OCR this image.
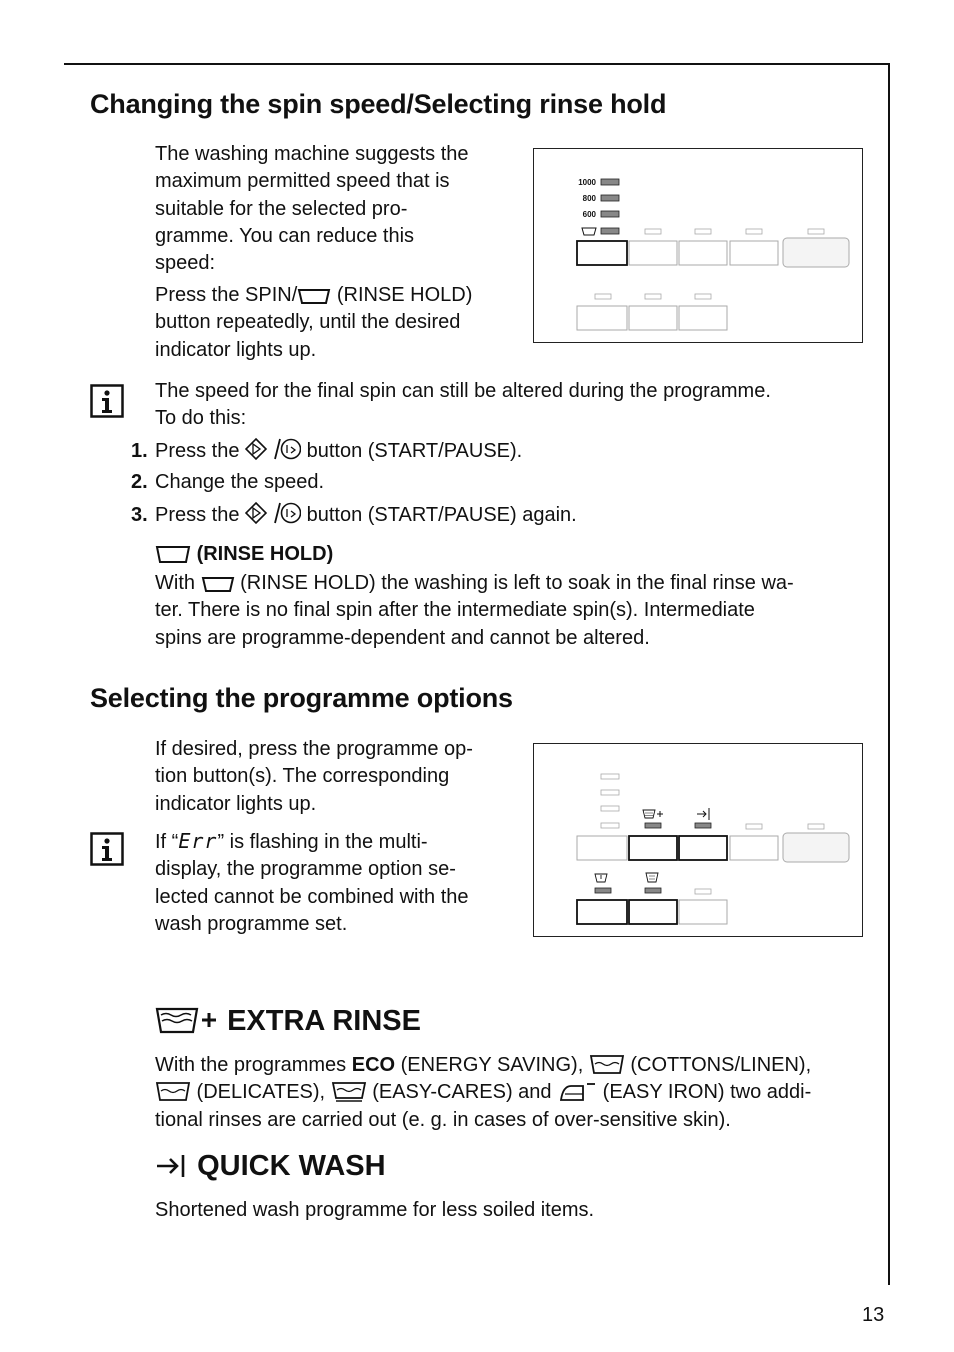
Changing the spin speed/Selecting rinse hold
The washing machine suggests the
maximum permitted speed that is
suitable for the selected pro-
gramme. You can reduce this
speed:
Press the SPIN/ (RINSE HOLD)
button repeatedly, until the desired
indicator lights up.
1000
800
600
The speed for the final spin can still be altered during the programme.
To do this:
1. Press the	button (START/PAUSE).
2. Change the speed.
3. Press the	button (START/PAUSE) again.
(RINSE HOLD)
With  (RINSE HOLD) the washing is left to soak in the final rinse wa-
ter. There is no final spin after the intermediate spin(s). Intermediate
spins are programme-dependent and cannot be altered.
Selecting the programme options
If desired, press the programme op-
tion button(s). The corresponding
indicator lights up.
If “Err” is flashing in the multi-
display, the programme option se-
lected cannot be combined with the
wash programme set.
EXTRA RINSE
With the programmes ECO (ENERGY SAVING),  (COTTONS/LINEN),
(DELICATES),  (EASY-CARES) and  (EASY IRON) two addi-
tional rinses are carried out (e. g. in cases of over-sensitive skin).
QUICK WASH
Shortened wash programme for less soiled items.
13
